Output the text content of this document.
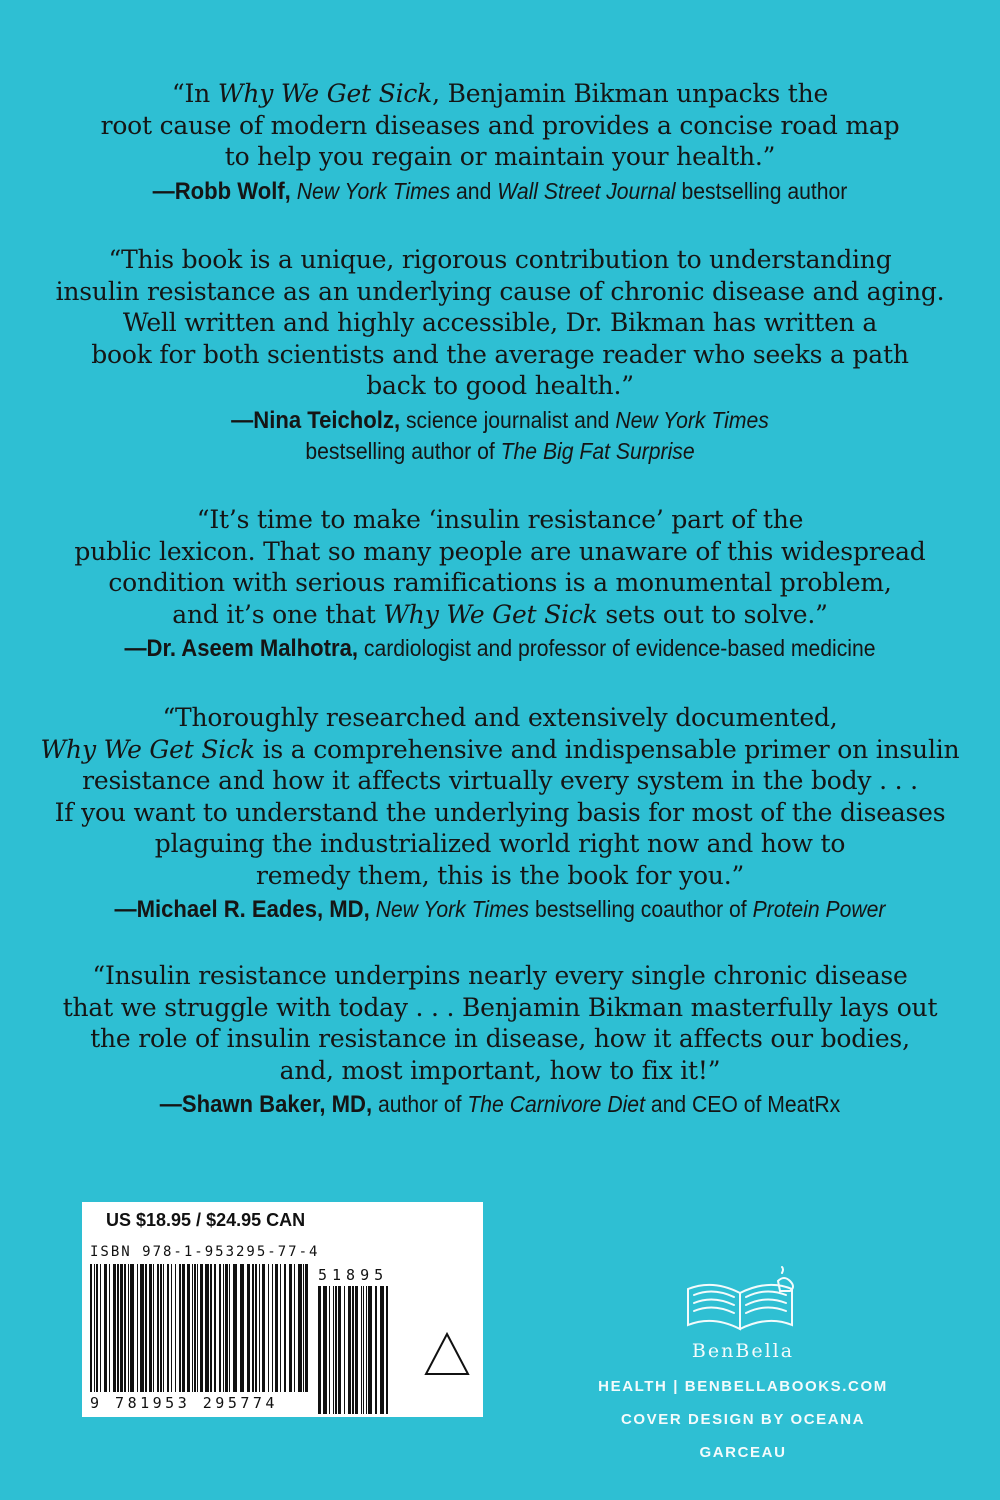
“In Why We Get Sick, Benjamin Bikman unpacks the
root cause of modern diseases and provides a concise road map
to help you regain or maintain your health.”
—Robb Wolf, New York Times and Wall Street Journal bestselling author
“This book is a unique, rigorous contribution to understanding
insulin resistance as an underlying cause of chronic disease and aging.
Well written and highly accessible, Dr. Bikman has written a
book for both scientists and the average reader who seeks a path
back to good health.”
—Nina Teicholz, science journalist and New York Times
bestselling author of The Big Fat Surprise
“It’s time to make ‘insulin resistance’ part of the
public lexicon. That so many people are unaware of this widespread
condition with serious ramifications is a monumental problem,
and it’s one that Why We Get Sick sets out to solve.”
—Dr. Aseem Malhotra, cardiologist and professor of evidence-based medicine
“Thoroughly researched and extensively documented,
Why We Get Sick is a comprehensive and indispensable primer on insulin
resistance and how it affects virtually every system in the body . . .
If you want to understand the underlying basis for most of the diseases
plaguing the industrialized world right now and how to
remedy them, this is the book for you.”
—Michael R. Eades, MD, New York Times bestselling coauthor of Protein Power
“Insulin resistance underpins nearly every single chronic disease
that we struggle with today . . . Benjamin Bikman masterfully lays out
the role of insulin resistance in disease, how it affects our bodies,
and, most important, how to fix it!”
—Shawn Baker, MD, author of The Carnivore Diet and CEO of MeatRx
US $18.95 / $24.95 CAN
ISBN 978-1-953295-77-4
51895
9 781953 295774
BenBella
HEALTH | BENBELLABOOKS.COM
COVER DESIGN BY OCEANA GARCEAU
